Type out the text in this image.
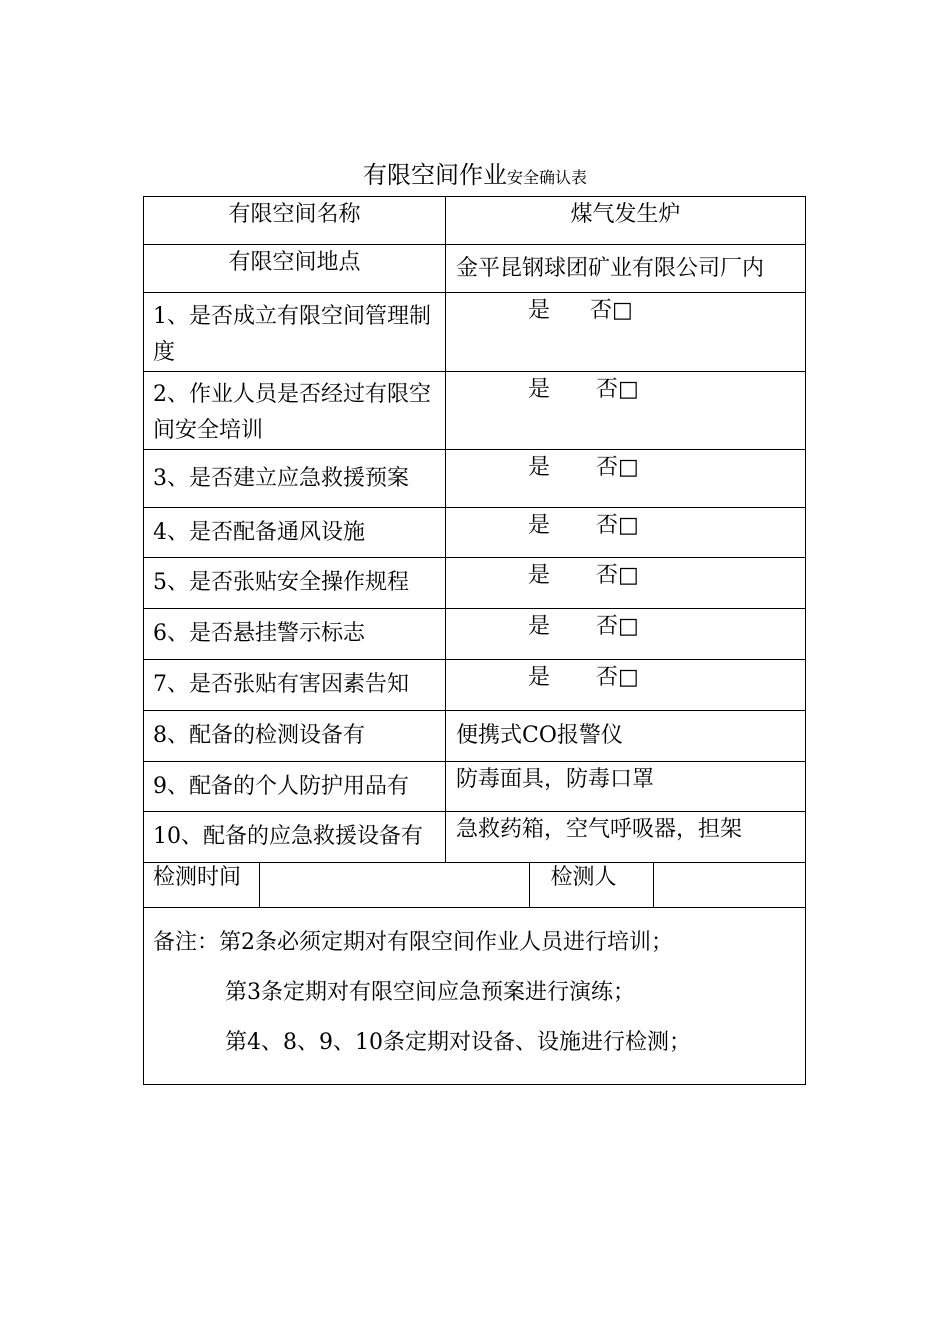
有限空间作业安全确认表
有限空间名称	煤气发生炉
有限空间地点	金平昆钢球团矿业有限公司厂内
1、是否成立有限空间管理制度	是 否□
2、作业人员是否经过有限空间安全培训	是 否□
3、是否建立应急救援预案	是 否□
4、是否配备通风设施	是 否□
5、是否张贴安全操作规程	是 否□
6、是否悬挂警示标志	是 否□
7、是否张贴有害因素告知	是 否□
8、配备的检测设备有	便携式CO报警仪
9、配备的个人防护用品有	防毒面具，防毒口罩
10、配备的应急救援设备有	急救药箱，空气呼吸器，担架

检测时间		检测人	

备注：第2条必须定期对有限空间作业人员进行培训；
第3条定期对有限空间应急预案进行演练；
第4、8、9、10条定期对设备、设施进行检测；
